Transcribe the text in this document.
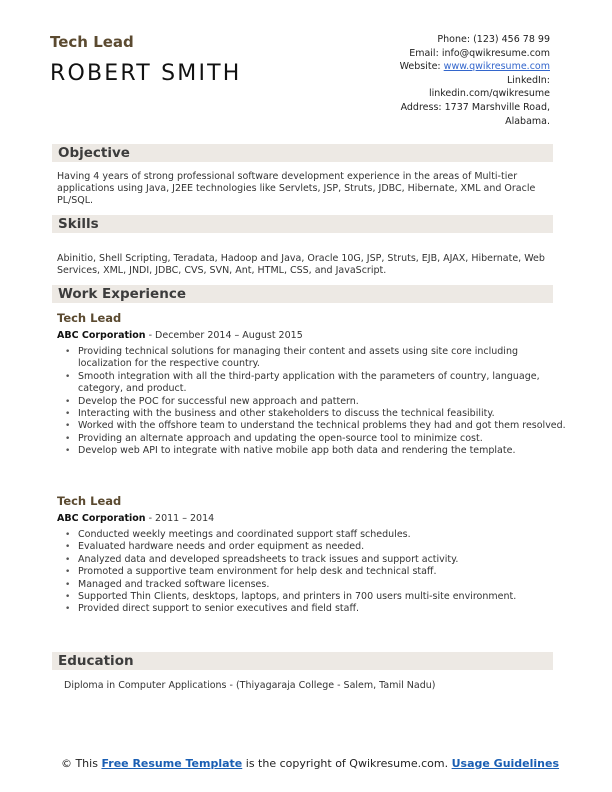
Tech Lead
ROBERT SMITH
Phone: (123) 456 78 99
Email: info@qwikresume.com
Website: www.qwikresume.com
LinkedIn:
linkedin.com/qwikresume
Address: 1737 Marshville Road,
Alabama.
Objective
Having 4 years of strong professional software development experience in the areas of Multi-tier applications using Java, J2EE technologies like Servlets, JSP, Struts, JDBC, Hibernate, XML and Oracle PL/SQL.
Skills
Abinitio, Shell Scripting, Teradata, Hadoop and Java, Oracle 10G, JSP, Struts, EJB, AJAX, Hibernate, Web Services, XML, JNDI, JDBC, CVS, SVN, Ant, HTML, CSS, and JavaScript.
Work Experience
Tech Lead
ABC Corporation - December 2014 – August 2015
• Providing technical solutions for managing their content and assets using site core including localization for the respective country.
• Smooth integration with all the third-party application with the parameters of country, language, category, and product.
• Develop the POC for successful new approach and pattern.
• Interacting with the business and other stakeholders to discuss the technical feasibility.
• Worked with the offshore team to understand the technical problems they had and got them resolved.
• Providing an alternate approach and updating the open-source tool to minimize cost.
• Develop web API to integrate with native mobile app both data and rendering the template.
Tech Lead
ABC Corporation - 2011 – 2014
• Conducted weekly meetings and coordinated support staff schedules.
• Evaluated hardware needs and order equipment as needed.
• Analyzed data and developed spreadsheets to track issues and support activity.
• Promoted a supportive team environment for help desk and technical staff.
• Managed and tracked software licenses.
• Supported Thin Clients, desktops, laptops, and printers in 700 users multi-site environment.
• Provided direct support to senior executives and field staff.
Education
Diploma in Computer Applications - (Thiyagaraja College - Salem, Tamil Nadu)
© This Free Resume Template is the copyright of Qwikresume.com. Usage Guidelines
